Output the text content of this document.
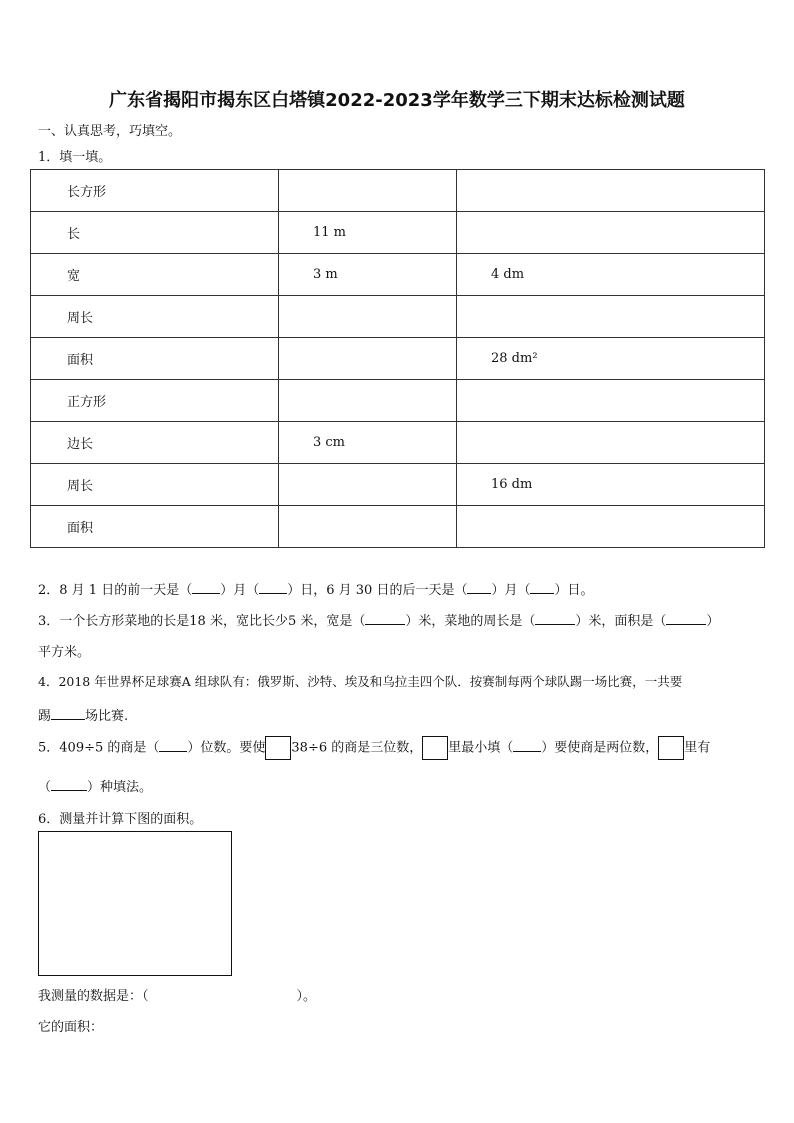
广东省揭阳市揭东区白塔镇2022-2023学年数学三下期末达标检测试题
一、认真思考，巧填空。
1．填一填。
长方形		
长	11 m	
宽	3 m	4 dm
周长		
面积		28 dm²
正方形		
边长	3 cm	
周长		16 dm
面积		
2．8 月 1 日的前一天是（ ）月（ ）日，6 月 30 日的后一天是（ ）月（ ）日。
3．一个长方形菜地的长是18 米，宽比长少5 米，宽是（	）米，菜地的周长是（	）米，面积是（	）
平方米。
4．2018 年世界杯足球赛A 组球队有：俄罗斯、沙特、埃及和乌拉圭四个队．按赛制每两个球队踢一场比赛，一共要
踢	场比赛.
5．409÷5 的商是（ ）位数。要使 38÷6 的商是三位数， 里最小填（ ）要使商是两位数， 里有
（	）种填法。
6．测量并计算下图的面积。
我测量的数据是：（	）。
它的面积：
